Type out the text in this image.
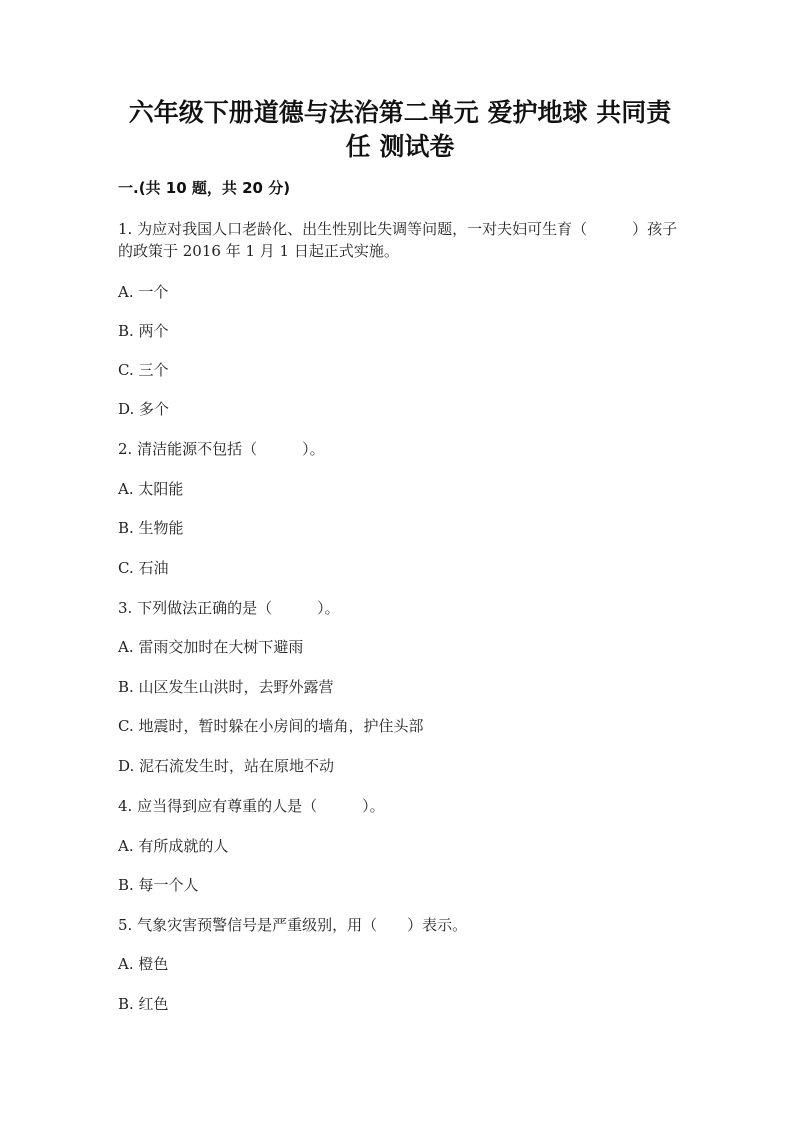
六年级下册道德与法治第二单元 爱护地球 共同责任 测试卷
一.(共 10 题，共 20 分)
1. 为应对我国人口老龄化、出生性别比失调等问题，一对夫妇可生育（　　　）孩子的政策于 2016 年 1 月 1 日起正式实施。
A. 一个
B. 两个
C. 三个
D. 多个
2. 清洁能源不包括（　　　）。
A. 太阳能
B. 生物能
C. 石油
3. 下列做法正确的是（　　　）。
A. 雷雨交加时在大树下避雨
B. 山区发生山洪时，去野外露营
C. 地震时，暂时躲在小房间的墙角，护住头部
D. 泥石流发生时，站在原地不动
4. 应当得到应有尊重的人是（　　　）。
A. 有所成就的人
B. 每一个人
5. 气象灾害预警信号是严重级别，用（　　）表示。
A. 橙色
B. 红色
